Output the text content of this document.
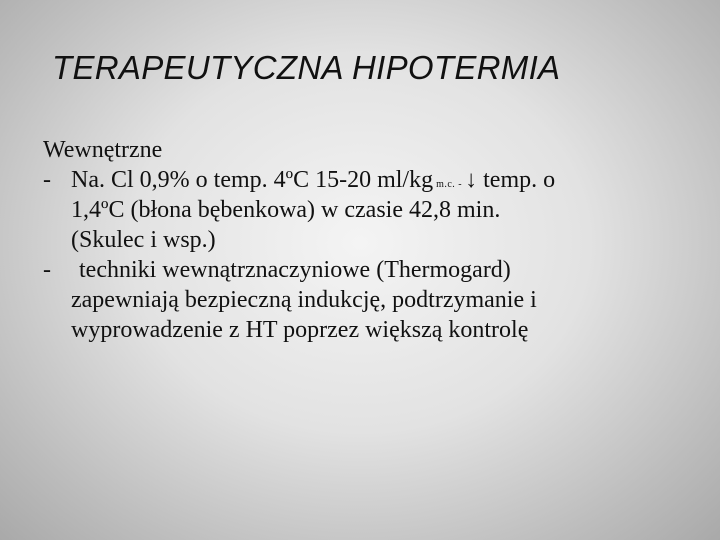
TERAPEUTYCZNA HIPOTERMIA

Wewnętrzne

- Na. Cl 0,9% o temp. 4ºC 15-20 ml/kg m.c. - ↓ temp. o
1,4ºC (błona bębenkowa) w czasie 42,8 min.
(Skulec i wsp.)
-	techniki wewnątrznaczyniowe (Thermogard)
zapewniają bezpieczną indukcję, podtrzymanie i
wyprowadzenie z HT poprzez większą kontrolę
